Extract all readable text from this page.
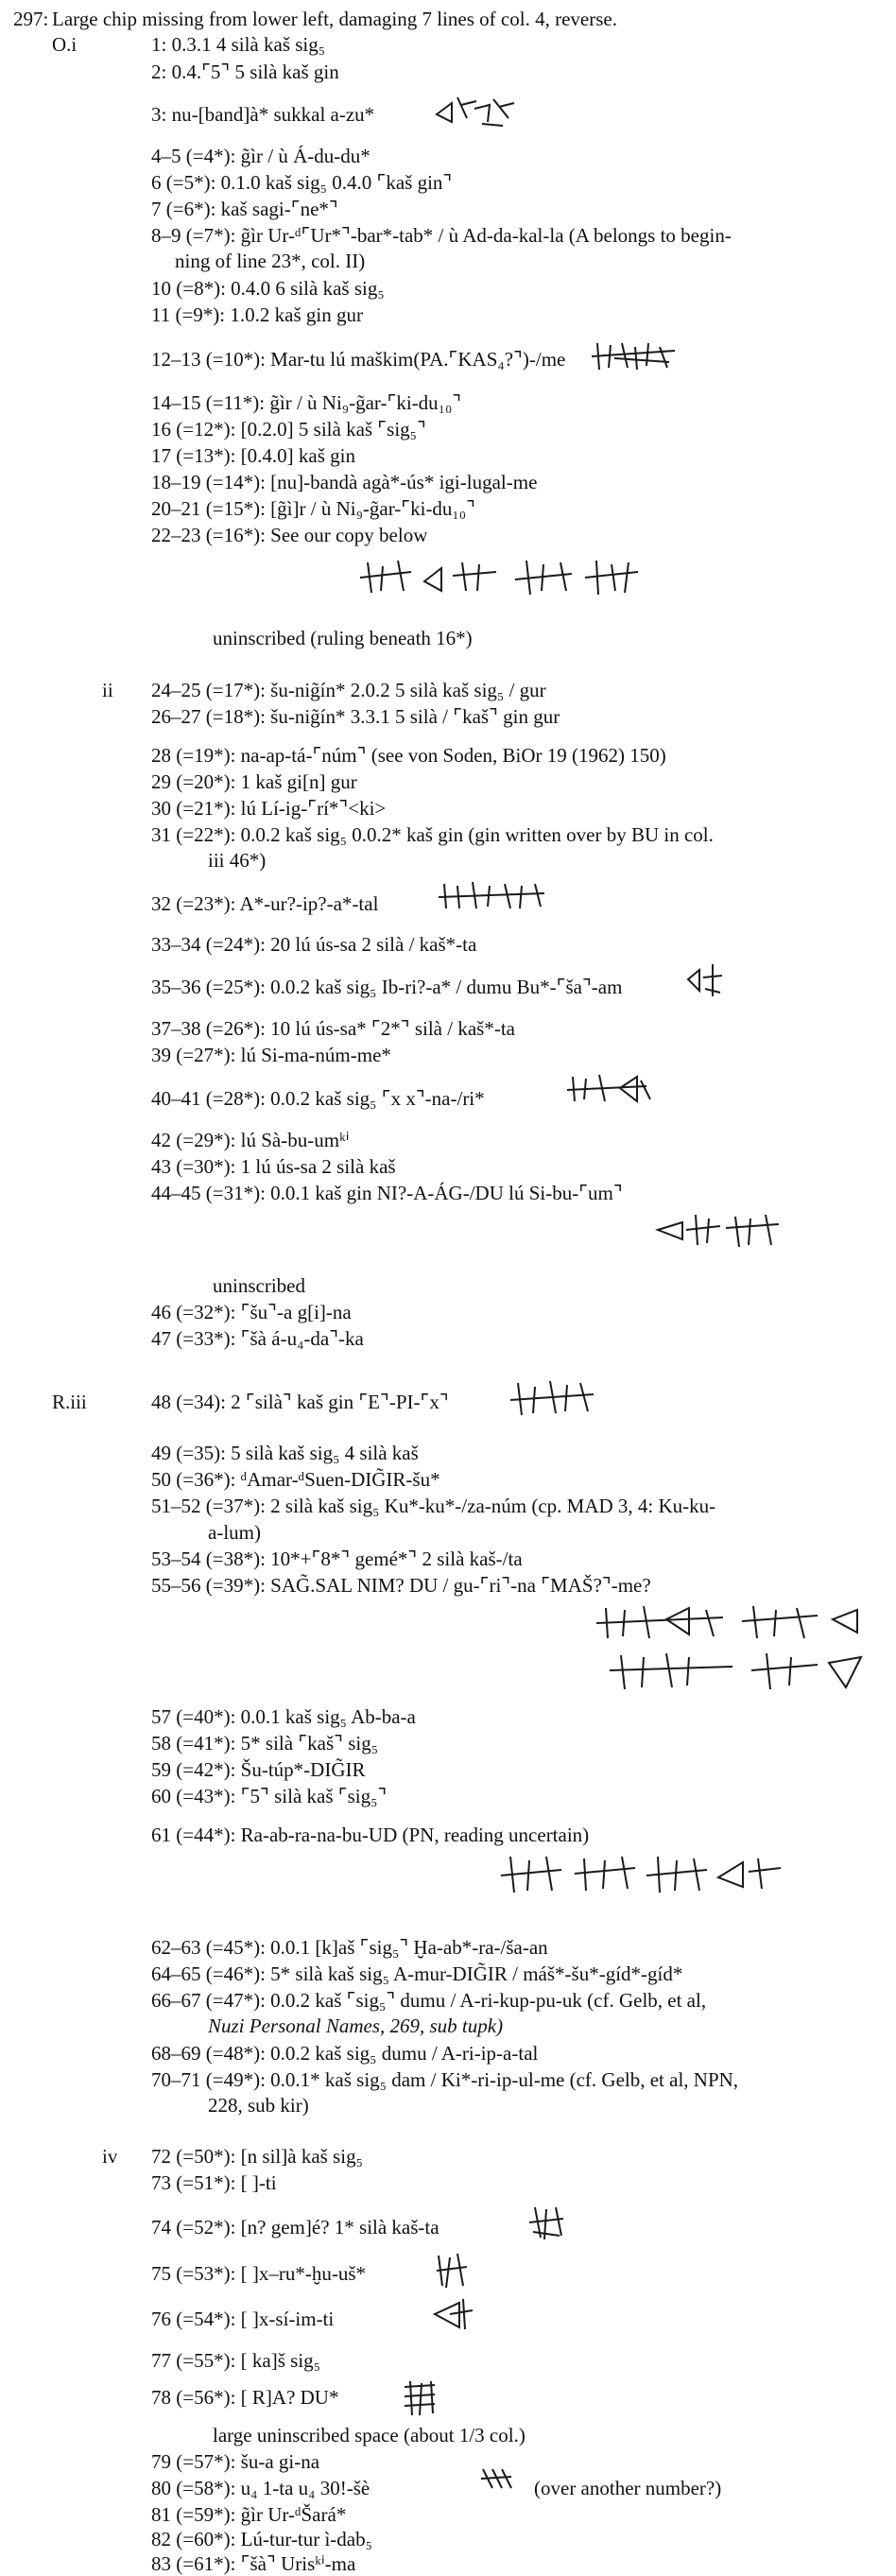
297: Large chip missing from lower left, damaging 7 lines of col. 4, reverse.
O.i
ii
R.iii
iv
1: 0.3.1 4 silà kaš sig₅
2: 0.4.⌜5⌝ 5 silà kaš gin
3: nu-[band]à* sukkal a-zu*
4–5 (=4*): g̃ìr / ù Á-du-du*
6 (=5*): 0.1.0 kaš sig₅ 0.4.0 ⌜kaš gin⌝
7 (=6*): kaš sagi-⌜ne*⌝
8–9 (=7*): g̃ìr Ur-ᵈ⌜Ur*⌝-bar*-tab* / ù Ad-da-kal-la (A belongs to begin-
ning of line 23*, col. II)
10 (=8*): 0.4.0 6 silà kaš sig₅
11 (=9*): 1.0.2 kaš gin gur
12–13 (=10*): Mar-tu lú maškim(PA.⌜KAS₄?⌝)-/me
14–15 (=11*): g̃ìr / ù Ni₉-g̃ar-⌜ki-du₁₀⌝
16 (=12*): [0.2.0] 5 silà kaš ⌜sig₅⌝
17 (=13*): [0.4.0] kaš gin
18–19 (=14*): [nu]-bandà agà*-ús* igi-lugal-me
20–21 (=15*): [g̃ì]r / ù Ni₉-g̃ar-⌜ki-du₁₀⌝
22–23 (=16*): See our copy below
uninscribed (ruling beneath 16*)
24–25 (=17*): šu-nig̃ín* 2.0.2 5 silà kaš sig₅ / gur
26–27 (=18*): šu-nig̃ín* 3.3.1 5 silà / ⌜kaš⌝ gin gur
28 (=19*): na-ap-tá-⌜núm⌝ (see von Soden, BiOr 19 (1962) 150)
29 (=20*): 1 kaš gi[n] gur
30 (=21*): lú Lí-ig-⌜rí*⌝<ki>
31 (=22*): 0.0.2 kaš sig₅ 0.0.2* kaš gin (gin written over by BU in col.
iii 46*)
32 (=23*): A*-ur?-ip?-a*-tal
33–34 (=24*): 20 lú ús-sa 2 silà / kaš*-ta
35–36 (=25*): 0.0.2 kaš sig₅ Ib-ri?-a* / dumu Bu*-⌜ša⌝-am
37–38 (=26*): 10 lú ús-sa* ⌜2*⌝ silà / kaš*-ta
39 (=27*): lú Si-ma-núm-me*
40–41 (=28*): 0.0.2 kaš sig₅ ⌜x x⌝-na-/ri*
42 (=29*): lú Sà-bu-umᵏⁱ
43 (=30*): 1 lú ús-sa 2 silà kaš
44–45 (=31*): 0.0.1 kaš gin NI?-A-ÁG-/DU lú Si-bu-⌜um⌝
uninscribed
46 (=32*): ⌜šu⌝-a g[i]-na
47 (=33*): ⌜šà á-u₄-da⌝-ka
48 (=34): 2 ⌜silà⌝ kaš gin ⌜E⌝-PI-⌜x⌝
49 (=35): 5 silà kaš sig₅ 4 silà kaš
50 (=36*): ᵈAmar-ᵈSuen-DIG̃IR-šu*
51–52 (=37*): 2 silà kaš sig₅ Ku*-ku*-/za-núm (cp. MAD 3, 4: Ku-ku-
a-lum)
53–54 (=38*): 10*+⌜8*⌝ gemé*⌝ 2 silà kaš-/ta
55–56 (=39*): SAG̃.SAL NIM? DU / gu-⌜ri⌝-na ⌜MAŠ?⌝-me?
57 (=40*): 0.0.1 kaš sig₅ Ab-ba-a
58 (=41*): 5* silà ⌜kaš⌝ sig₅
59 (=42*): Šu-túp*-DIG̃IR
60 (=43*): ⌜5⌝ silà kaš ⌜sig₅⌝
61 (=44*): Ra-ab-ra-na-bu-UD (PN, reading uncertain)
62–63 (=45*): 0.0.1 [k]aš ⌜sig₅⌝ Ḫa-ab*-ra-/ša-an
64–65 (=46*): 5* silà kaš sig₅ A-mur-DIG̃IR / máš*-šu*-gíd*-gíd*
66–67 (=47*): 0.0.2 kaš ⌜sig₅⌝ dumu / A-ri-kup-pu-uk (cf. Gelb, et al,
Nuzi Personal Names, 269, sub tupk)
68–69 (=48*): 0.0.2 kaš sig₅ dumu / A-ri-ip-a-tal
70–71 (=49*): 0.0.1* kaš sig₅ dam / Ki*-ri-ip-ul-me (cf. Gelb, et al, NPN,
228, sub kir)
72 (=50*): [n sil]à kaš sig₅
73 (=51*): [ ]-ti
74 (=52*): [n? gem]é? 1* silà kaš-ta
75 (=53*): [ ]x–ru*-ḫu-uš*
76 (=54*): [ ]x-sí-im-ti
77 (=55*): [ ka]š sig₅
78 (=56*): [ R]A? DU*
large uninscribed space (about 1/3 col.)
79 (=57*): šu-a gi-na
80 (=58*): u₄ 1-ta u₄ 30!-šè	(over another number?)
81 (=59*): g̃ìr Ur-ᵈŠará*
82 (=60*): Lú-tur-tur ì-dab₅
83 (=61*): ⌜šà⌝ Urisᵏⁱ-ma
